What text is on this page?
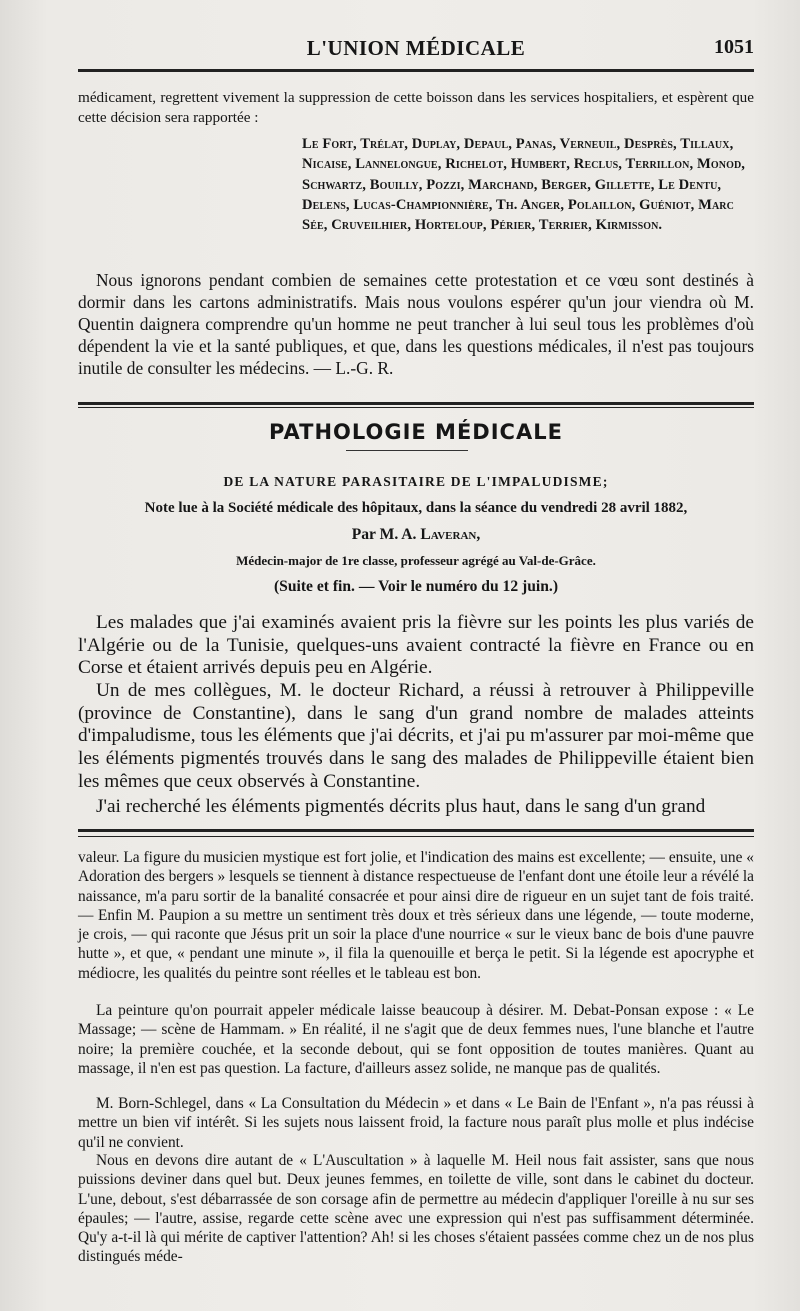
L'UNION MÉDICALE	1051

médicament, regrettent vivement la suppression de cette boisson dans les services hospitaliers, et espèrent que cette décision sera rapportée :

Le Fort, Trélat, Duplay, Depaul, Panas, Verneuil, Desprès, Tillaux, Nicaise, Lannelongue, Richelot, Humbert, Reclus, Terrillon, Monod, Schwartz, Bouilly, Pozzi, Marchand, Berger, Gillette, Le Dentu, Delens, Lucas-Championnière, Th. Anger, Polaillon, Guéniot, Marc Sée, Cruveilhier, Horteloup, Périer, Terrier, Kirmisson.

Nous ignorons pendant combien de semaines cette protestation et ce vœu sont destinés à dormir dans les cartons administratifs. Mais nous voulons espérer qu'un jour viendra où M. Quentin daignera comprendre qu'un homme ne peut trancher à lui seul tous les problèmes d'où dépendent la vie et la santé publiques, et que, dans les questions médicales, il n'est pas toujours inutile de consulter les médecins. — L.-G. R.

PATHOLOGIE MÉDICALE
DE LA NATURE PARASITAIRE DE L'IMPALUDISME;
Note lue à la Société médicale des hôpitaux, dans la séance du vendredi 28 avril 1882,
Par M. A. Laveran,
Médecin-major de 1re classe, professeur agrégé au Val-de-Grâce.
(Suite et fin. — Voir le numéro du 12 juin.)

Les malades que j'ai examinés avaient pris la fièvre sur les points les plus variés de l'Algérie ou de la Tunisie, quelques-uns avaient contracté la fièvre en France ou en Corse et étaient arrivés depuis peu en Algérie.

Un de mes collègues, M. le docteur Richard, a réussi à retrouver à Philippeville (province de Constantine), dans le sang d'un grand nombre de malades atteints d'impaludisme, tous les éléments que j'ai décrits, et j'ai pu m'assurer par moi-même que les éléments pigmentés trouvés dans le sang des malades de Philippeville étaient bien les mêmes que ceux observés à Constantine.

J'ai recherché les éléments pigmentés décrits plus haut, dans le sang d'un grand

valeur. La figure du musicien mystique est fort jolie, et l'indication des mains est excellente; — ensuite, une « Adoration des bergers » lesquels se tiennent à distance respectueuse de l'enfant dont une étoile leur a révélé la naissance, m'a paru sortir de la banalité consacrée et pour ainsi dire de rigueur en un sujet tant de fois traité. — Enfin M. Paupion a su mettre un sentiment très doux et très sérieux dans une légende, — toute moderne, je crois, — qui raconte que Jésus prit un soir la place d'une nourrice « sur le vieux banc de bois d'une pauvre hutte », et que, « pendant une minute », il fila la quenouille et berça le petit. Si la légende est apocryphe et médiocre, les qualités du peintre sont réelles et le tableau est bon.

La peinture qu'on pourrait appeler médicale laisse beaucoup à désirer. M. Debat-Ponsan expose : « Le Massage; — scène de Hammam. » En réalité, il ne s'agit que de deux femmes nues, l'une blanche et l'autre noire; la première couchée, et la seconde debout, qui se font opposition de toutes manières. Quant au massage, il n'en est pas question. La facture, d'ailleurs assez solide, ne manque pas de qualités.

M. Born-Schlegel, dans « La Consultation du Médecin » et dans « Le Bain de l'Enfant », n'a pas réussi à mettre un bien vif intérêt. Si les sujets nous laissent froid, la facture nous paraît plus molle et plus indécise qu'il ne convient.

Nous en devons dire autant de « L'Auscultation » à laquelle M. Heil nous fait assister, sans que nous puissions deviner dans quel but. Deux jeunes femmes, en toilette de ville, sont dans le cabinet du docteur. L'une, debout, s'est débarrassée de son corsage afin de permettre au médecin d'appliquer l'oreille à nu sur ses épaules; — l'autre, assise, regarde cette scène avec une expression qui n'est pas suffisamment déterminée. Qu'y a-t-il là qui mérite de captiver l'attention? Ah! si les choses s'étaient passées comme chez un de nos plus distingués méde-
